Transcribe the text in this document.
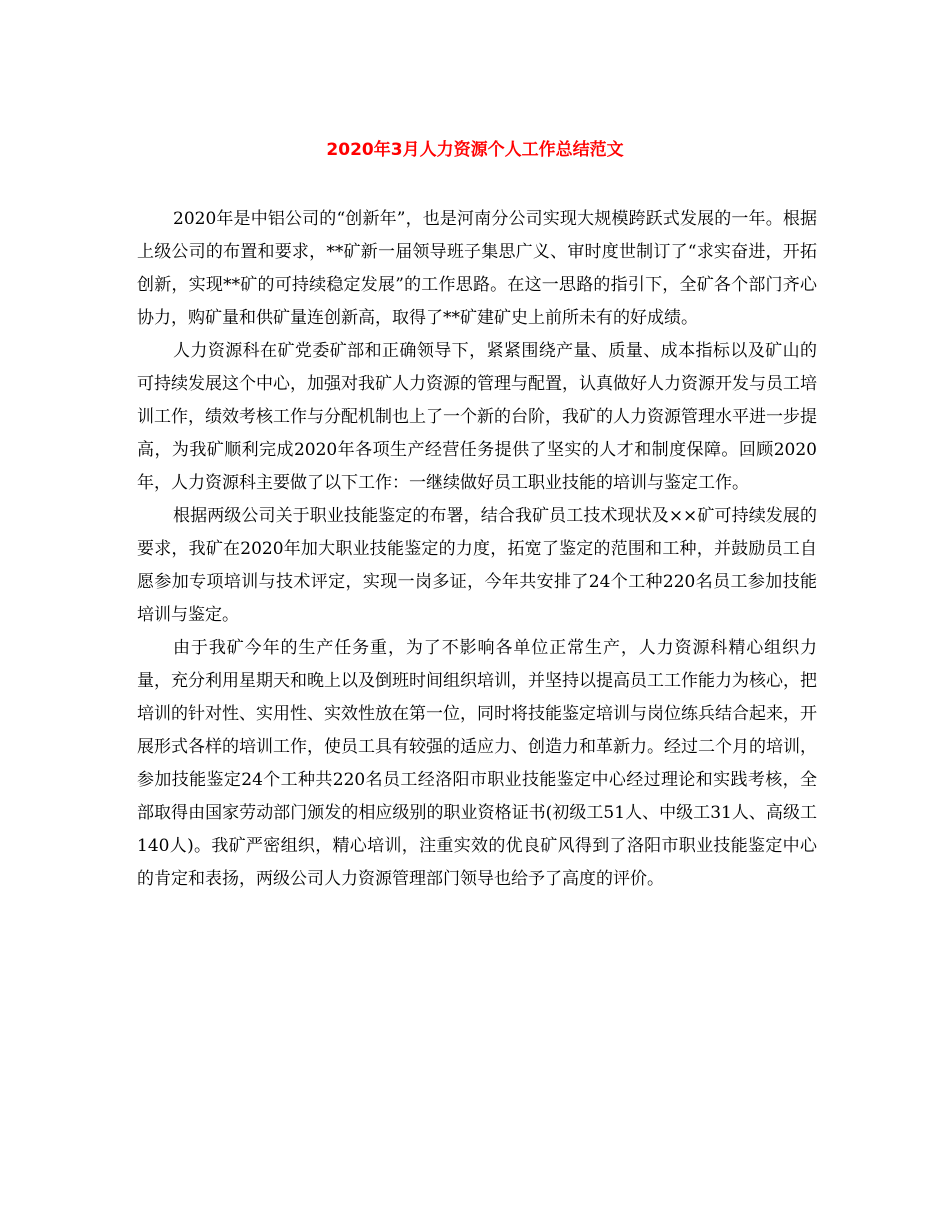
2020年3月人力资源个人工作总结范文

2020年是中铝公司的“创新年”，也是河南分公司实现大规模跨跃式发展的一年。根据上级公司的布置和要求，**矿新一届领导班子集思广义、审时度世制订了“求实奋进，开拓创新，实现**矿的可持续稳定发展”的工作思路。在这一思路的指引下，全矿各个部门齐心协力，购矿量和供矿量连创新高，取得了**矿建矿史上前所未有的好成绩。

人力资源科在矿党委矿部和正确领导下，紧紧围绕产量、质量、成本指标以及矿山的可持续发展这个中心，加强对我矿人力资源的管理与配置，认真做好人力资源开发与员工培训工作，绩效考核工作与分配机制也上了一个新的台阶，我矿的人力资源管理水平进一步提高，为我矿顺利完成2020年各项生产经营任务提供了坚实的人才和制度保障。回顾2020年，人力资源科主要做了以下工作：一继续做好员工职业技能的培训与鉴定工作。

根据两级公司关于职业技能鉴定的布署，结合我矿员工技术现状及××矿可持续发展的要求，我矿在2020年加大职业技能鉴定的力度，拓宽了鉴定的范围和工种，并鼓励员工自愿参加专项培训与技术评定，实现一岗多证，今年共安排了24个工种220名员工参加技能培训与鉴定。

由于我矿今年的生产任务重，为了不影响各单位正常生产，人力资源科精心组织力量，充分利用星期天和晚上以及倒班时间组织培训，并坚持以提高员工工作能力为核心，把培训的针对性、实用性、实效性放在第一位，同时将技能鉴定培训与岗位练兵结合起来，开展形式各样的培训工作，使员工具有较强的适应力、创造力和革新力。经过二个月的培训，参加技能鉴定24个工种共220名员工经洛阳市职业技能鉴定中心经过理论和实践考核，全部取得由国家劳动部门颁发的相应级别的职业资格证书(初级工51人、中级工31人、高级工140人)。我矿严密组织，精心培训，注重实效的优良矿风得到了洛阳市职业技能鉴定中心的肯定和表扬，两级公司人力资源管理部门领导也给予了高度的评价。
